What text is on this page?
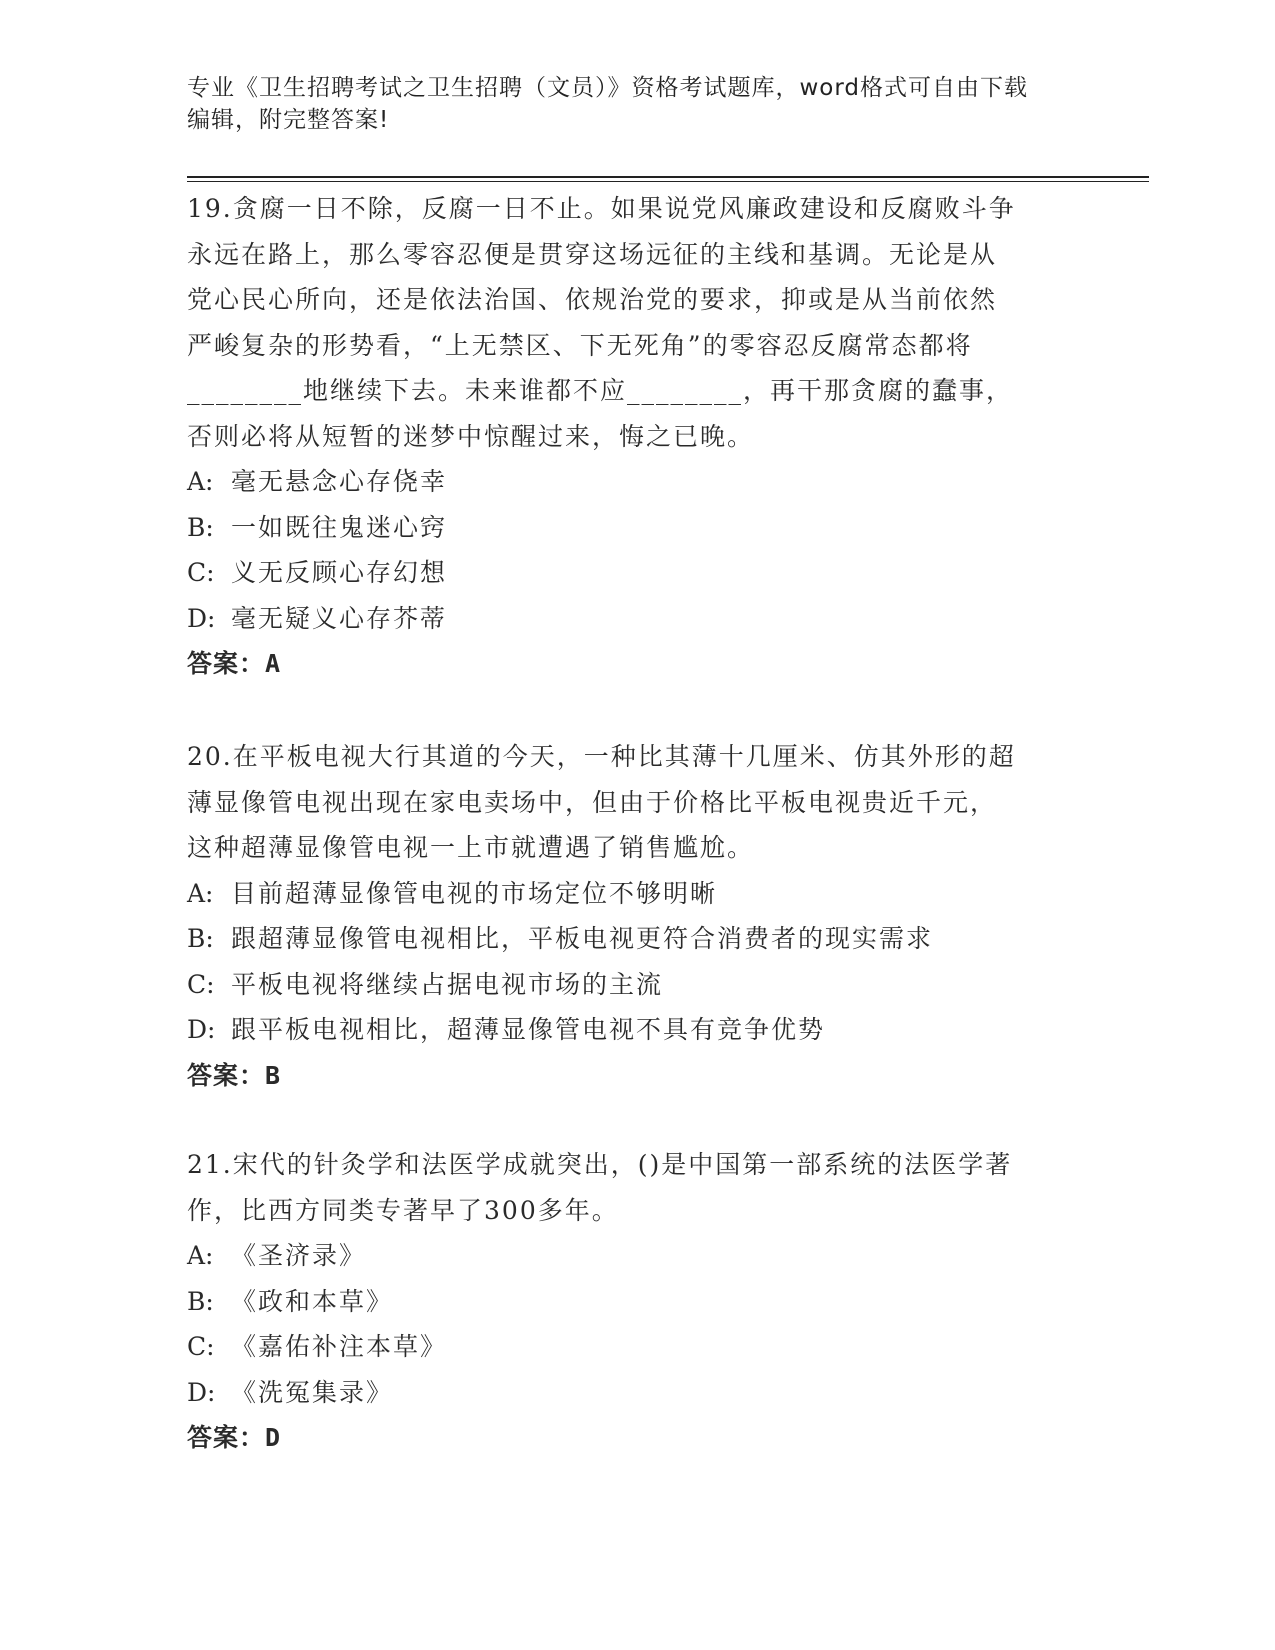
专业《卫生招聘考试之卫生招聘（文员）》资格考试题库，word格式可自由下载
编辑，附完整答案!
19.贪腐一日不除，反腐一日不止。如果说党风廉政建设和反腐败斗争
永远在路上，那么零容忍便是贯穿这场远征的主线和基调。无论是从
党心民心所向，还是依法治国、依规治党的要求，抑或是从当前依然
严峻复杂的形势看，“上无禁区、下无死角”的零容忍反腐常态都将
________地继续下去。未来谁都不应________，再干那贪腐的蠢事，
否则必将从短暂的迷梦中惊醒过来，悔之已晚。
A: 毫无悬念心存侥幸
B: 一如既往鬼迷心窍
C: 义无反顾心存幻想
D: 毫无疑义心存芥蒂
答案：A
20.在平板电视大行其道的今天，一种比其薄十几厘米、仿其外形的超
薄显像管电视出现在家电卖场中，但由于价格比平板电视贵近千元，
这种超薄显像管电视一上市就遭遇了销售尴尬。
A: 目前超薄显像管电视的市场定位不够明晰
B: 跟超薄显像管电视相比，平板电视更符合消费者的现实需求
C: 平板电视将继续占据电视市场的主流
D: 跟平板电视相比，超薄显像管电视不具有竞争优势
答案：B
21.宋代的针灸学和法医学成就突出，()是中国第一部系统的法医学著
作，比西方同类专著早了300多年。
A: 《圣济录》
B: 《政和本草》
C: 《嘉佑补注本草》
D: 《洗冤集录》
答案：D
